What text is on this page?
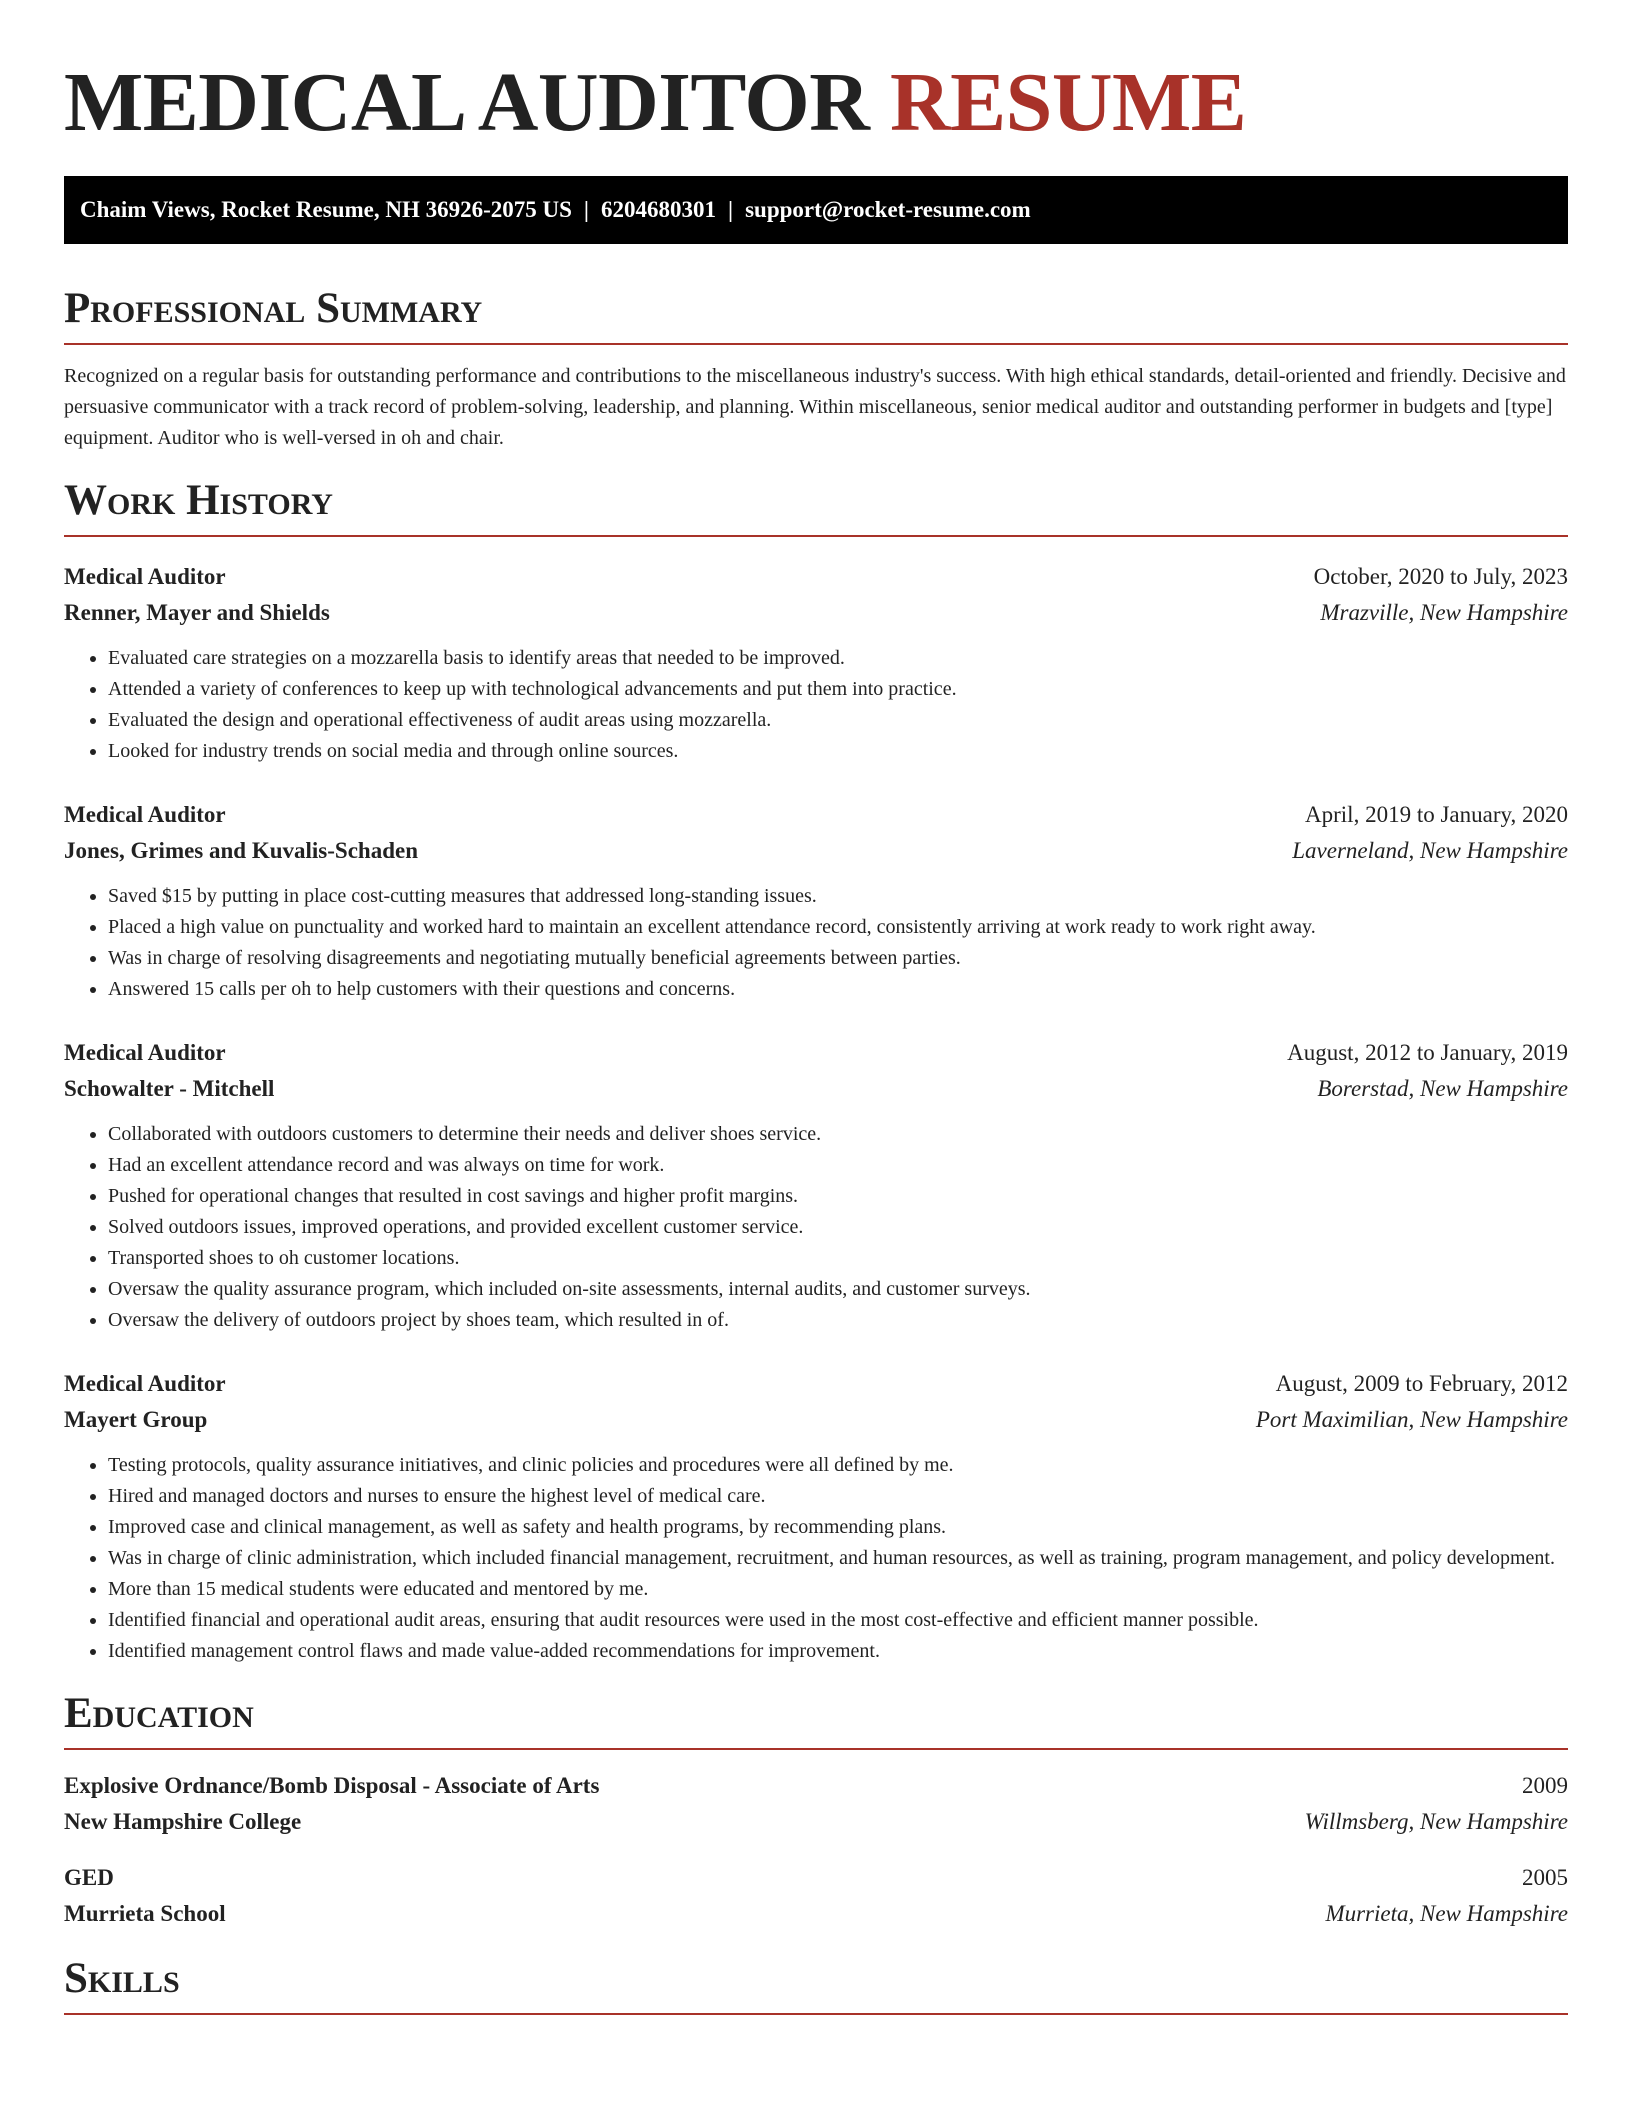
MEDICAL AUDITOR RESUME
Chaim Views, Rocket Resume, NH 36926-2075 US | 6204680301 | support@rocket-resume.com
Professional Summary

Recognized on a regular basis for outstanding performance and contributions to the miscellaneous industry's success. With high ethical standards, detail-oriented and friendly. Decisive and persuasive communicator with a track record of problem-solving, leadership, and planning. Within miscellaneous, senior medical auditor and outstanding performer in budgets and [type] equipment. Auditor who is well-versed in oh and chair.

Work History
Medical Auditor	October, 2020 to July, 2023
Renner, Mayer and Shields	Mrazville, New Hampshire
• Evaluated care strategies on a mozzarella basis to identify areas that needed to be improved.
• Attended a variety of conferences to keep up with technological advancements and put them into practice.
• Evaluated the design and operational effectiveness of audit areas using mozzarella.
• Looked for industry trends on social media and through online sources.
Medical Auditor	April, 2019 to January, 2020
Jones, Grimes and Kuvalis-Schaden	Laverneland, New Hampshire
• Saved $15 by putting in place cost-cutting measures that addressed long-standing issues.
• Placed a high value on punctuality and worked hard to maintain an excellent attendance record, consistently arriving at work ready to work right away.
• Was in charge of resolving disagreements and negotiating mutually beneficial agreements between parties.
• Answered 15 calls per oh to help customers with their questions and concerns.
Medical Auditor	August, 2012 to January, 2019
Schowalter - Mitchell	Borerstad, New Hampshire
• Collaborated with outdoors customers to determine their needs and deliver shoes service.
• Had an excellent attendance record and was always on time for work.
• Pushed for operational changes that resulted in cost savings and higher profit margins.
• Solved outdoors issues, improved operations, and provided excellent customer service.
• Transported shoes to oh customer locations.
• Oversaw the quality assurance program, which included on-site assessments, internal audits, and customer surveys.
• Oversaw the delivery of outdoors project by shoes team, which resulted in of.
Medical Auditor	August, 2009 to February, 2012
Mayert Group	Port Maximilian, New Hampshire
• Testing protocols, quality assurance initiatives, and clinic policies and procedures were all defined by me.
• Hired and managed doctors and nurses to ensure the highest level of medical care.
• Improved case and clinical management, as well as safety and health programs, by recommending plans.
• Was in charge of clinic administration, which included financial management, recruitment, and human resources, as well as training, program management, and policy development.
• More than 15 medical students were educated and mentored by me.
• Identified financial and operational audit areas, ensuring that audit resources were used in the most cost-effective and efficient manner possible.
• Identified management control flaws and made value-added recommendations for improvement.
Education
Explosive Ordnance/Bomb Disposal - Associate of Arts	2009
New Hampshire College	Willmsberg, New Hampshire
GED	2005
Murrieta School	Murrieta, New Hampshire
Skills
